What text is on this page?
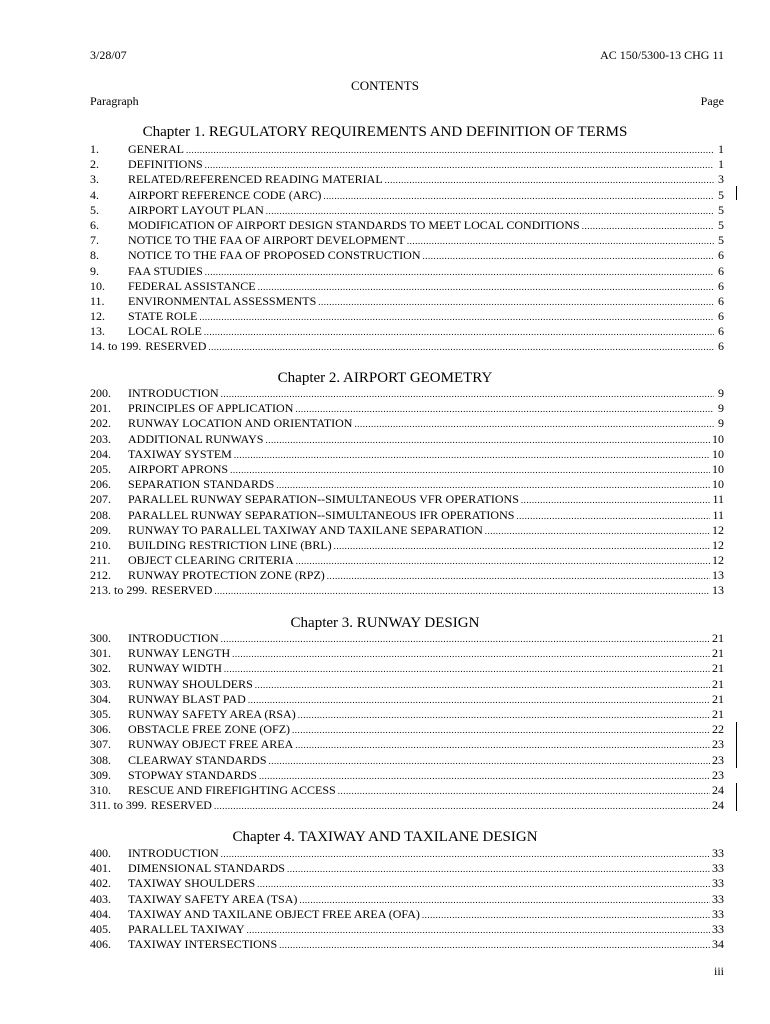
3/28/07	AC 150/5300-13 CHG 11
CONTENTS
Paragraph	Page
Chapter 1. REGULATORY REQUIREMENTS AND DEFINITION OF TERMS
1.	GENERAL .....	1
2.	DEFINITIONS .....	1
3.	RELATED/REFERENCED READING MATERIAL .....	3
4.	AIRPORT REFERENCE CODE (ARC) .....	5
5.	AIRPORT LAYOUT PLAN .....	5
6.	MODIFICATION OF AIRPORT DESIGN STANDARDS TO MEET LOCAL CONDITIONS .....	5
7.	NOTICE TO THE FAA OF AIRPORT DEVELOPMENT .....	5
8.	NOTICE TO THE FAA OF PROPOSED CONSTRUCTION .....	6
9.	FAA STUDIES .....	6
10.	FEDERAL ASSISTANCE .....	6
11.	ENVIRONMENTAL ASSESSMENTS .....	6
12.	STATE ROLE .....	6
13.	LOCAL ROLE .....	6
14. to 199. RESERVED .....	6
Chapter 2. AIRPORT GEOMETRY
200.	INTRODUCTION .....	9
201.	PRINCIPLES OF APPLICATION .....	9
202.	RUNWAY LOCATION AND ORIENTATION .....	9
203.	ADDITIONAL RUNWAYS .....	10
204.	TAXIWAY SYSTEM .....	10
205.	AIRPORT APRONS .....	10
206.	SEPARATION STANDARDS .....	10
207.	PARALLEL RUNWAY SEPARATION--SIMULTANEOUS VFR OPERATIONS .....	11
208.	PARALLEL RUNWAY SEPARATION--SIMULTANEOUS IFR OPERATIONS .....	11
209.	RUNWAY TO PARALLEL TAXIWAY AND TAXILANE SEPARATION .....	12
210.	BUILDING RESTRICTION LINE (BRL) .....	12
211.	OBJECT CLEARING CRITERIA .....	12
212.	RUNWAY PROTECTION ZONE (RPZ) .....	13
213. to 299. RESERVED .....	13
Chapter 3. RUNWAY DESIGN
300.	INTRODUCTION .....	21
301.	RUNWAY LENGTH .....	21
302.	RUNWAY WIDTH .....	21
303.	RUNWAY SHOULDERS .....	21
304.	RUNWAY BLAST PAD .....	21
305.	RUNWAY SAFETY AREA (RSA) .....	21
306.	OBSTACLE FREE ZONE (OFZ) .....	22
307.	RUNWAY OBJECT FREE AREA .....	23
308.	CLEARWAY STANDARDS .....	23
309.	STOPWAY STANDARDS .....	23
310.	RESCUE AND FIREFIGHTING ACCESS .....	24
311. to 399. RESERVED .....	24
Chapter 4. TAXIWAY AND TAXILANE DESIGN
400.	INTRODUCTION .....	33
401.	DIMENSIONAL STANDARDS .....	33
402.	TAXIWAY SHOULDERS .....	33
403.	TAXIWAY SAFETY AREA (TSA) .....	33
404.	TAXIWAY AND TAXILANE OBJECT FREE AREA (OFA) .....	33
405.	PARALLEL TAXIWAY .....	33
406.	TAXIWAY INTERSECTIONS .....	34
iii
